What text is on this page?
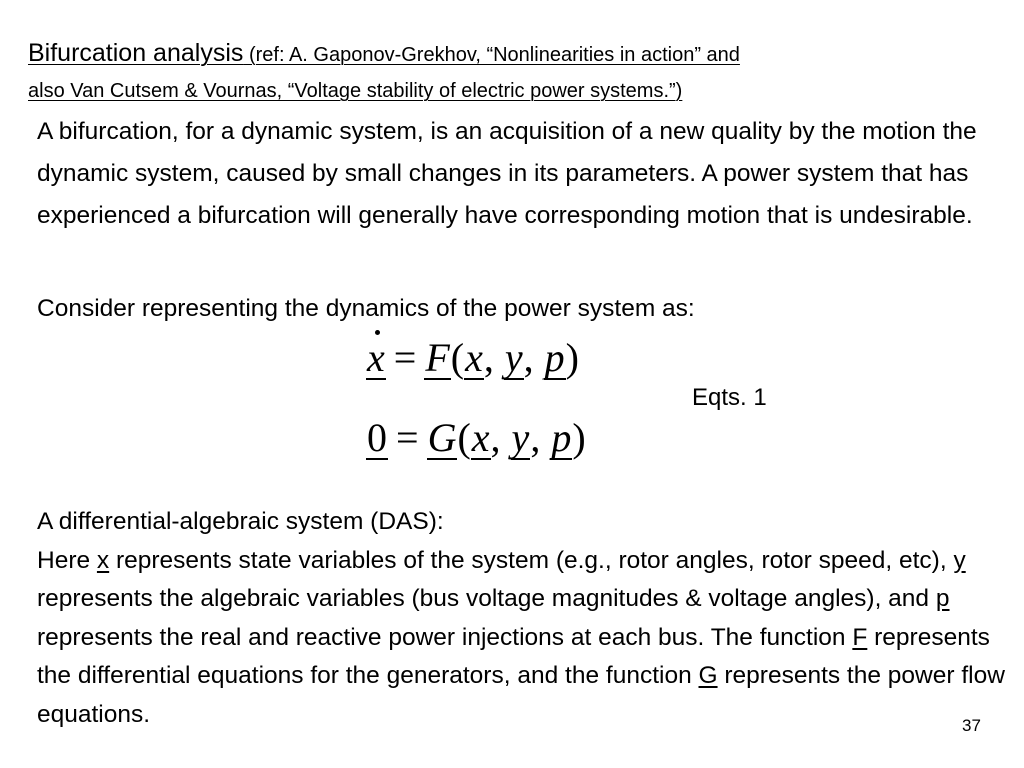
Bifurcation analysis (ref: A. Gaponov-Grekhov, “Nonlinearities in action” and
also Van Cutsem & Vournas, “Voltage stability of electric power systems.”)

A bifurcation, for a dynamic system, is an acquisition of a new quality by the motion the dynamic system, caused by small changes in its parameters. A power system that has experienced a bifurcation will generally have corresponding motion that is undesirable.

Consider representing the dynamics of the power system as:

x = F(x, y, p)
0 = G(x, y, p)
Eqts. 1

A differential-algebraic system (DAS):
Here x represents state variables of the system (e.g., rotor angles, rotor speed, etc), y represents the algebraic variables (bus voltage magnitudes & voltage angles), and p represents the real and reactive power injections at each bus. The function F represents the differential equations for the generators, and the function G represents the power flow equations.	37
